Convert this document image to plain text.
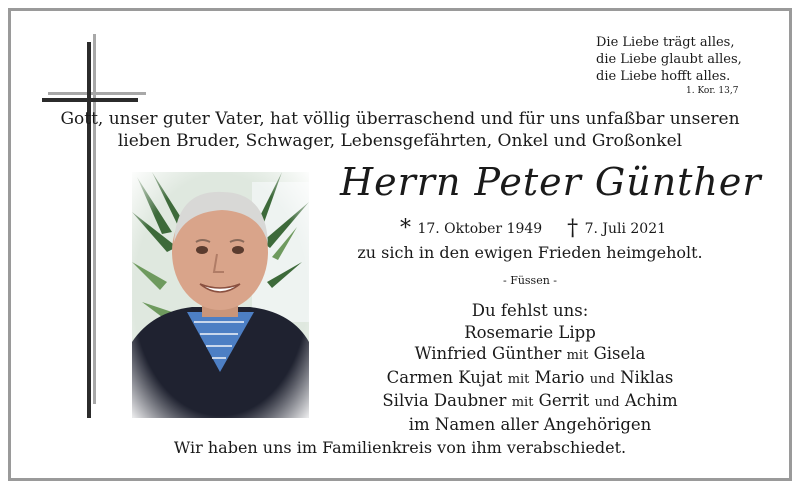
Die Liebe trägt alles,
die Liebe glaubt alles,
die Liebe hofft alles.
1. Kor. 13,7
Gott, unser guter Vater, hat völlig überraschend und für uns unfaßbar unseren
lieben Bruder, Schwager, Lebensgefährten, Onkel und Großonkel
Herrn Peter Günther
* 17. Oktober 1949 † 7. Juli 2021
zu sich in den ewigen Frieden heimgeholt.
- Füssen -
Du fehlst uns:
Rosemarie Lipp
Winfried Günther mit Gisela
Carmen Kujat mit Mario und Niklas
Silvia Daubner mit Gerrit und Achim
im Namen aller Angehörigen
Wir haben uns im Familienkreis von ihm verabschiedet.
